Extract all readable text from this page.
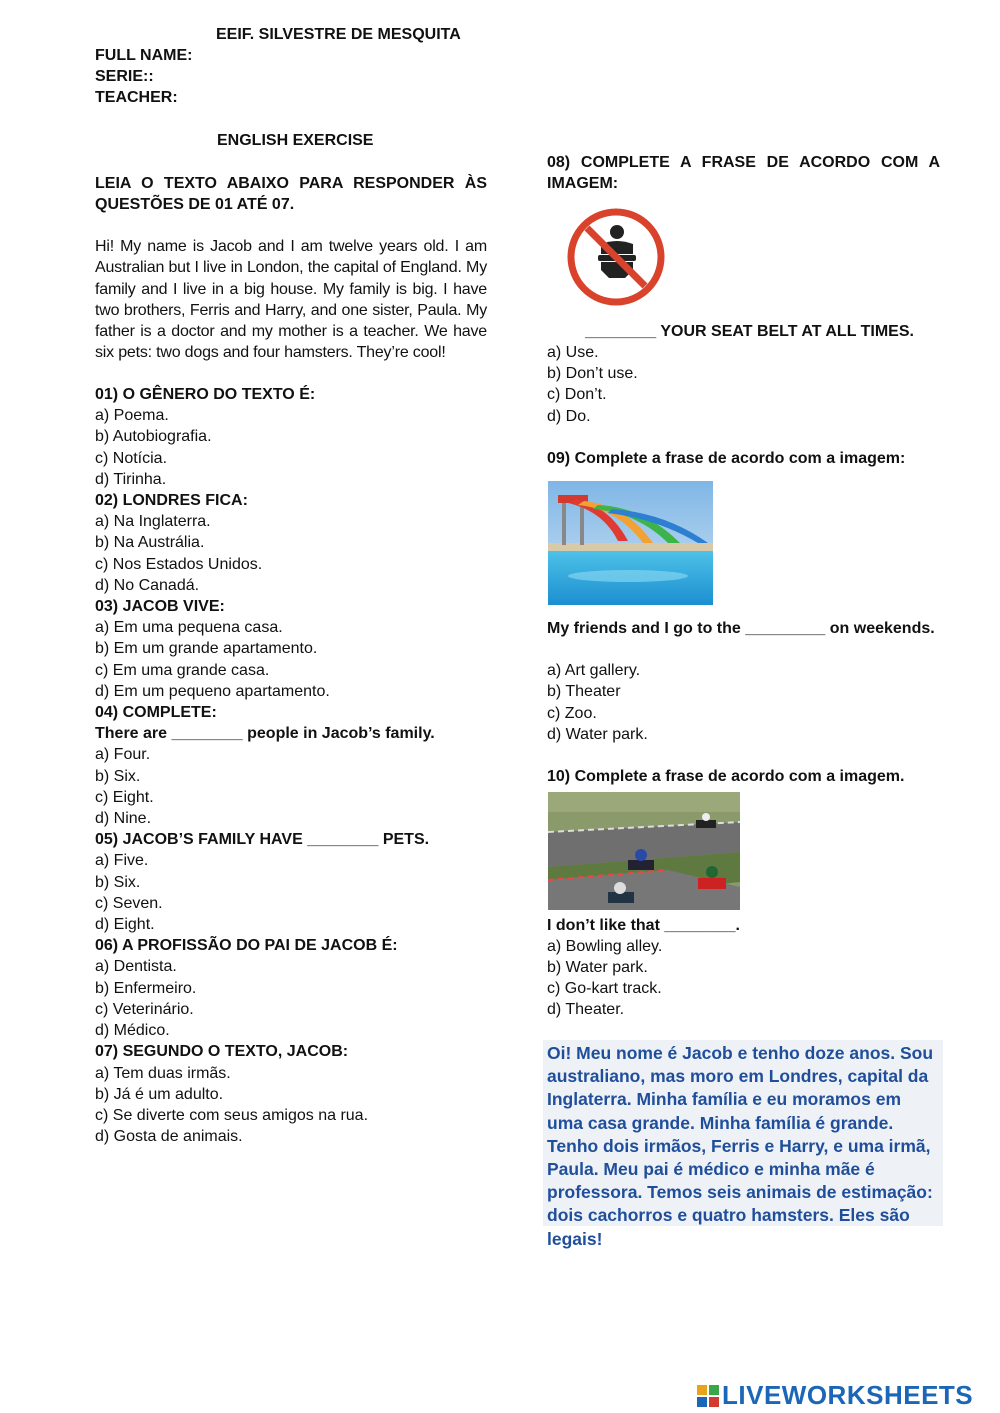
EEIF. SILVESTRE DE MESQUITA
FULL NAME:
SERIE::
TEACHER:
ENGLISH EXERCISE
LEIA O TEXTO ABAIXO PARA RESPONDER ÀS QUESTÕES DE 01 ATÉ 07.
Hi! My name is Jacob and I am twelve years old. I am Australian but I live in London, the capital of England. My family and I live in a big house. My family is big. I have two brothers, Ferris and Harry, and one sister, Paula. My father is a doctor and my mother is a teacher. We have six pets: two dogs and four hamsters. They’re cool!
01) O GÊNERO DO TEXTO É:
a) Poema.
b) Autobiografia.
c) Notícia.
d) Tirinha.
02) LONDRES FICA:
a) Na Inglaterra.
b) Na Austrália.
c) Nos Estados Unidos.
d) No Canadá.
03) JACOB VIVE:
a) Em uma pequena casa.
b) Em um grande apartamento.
c) Em uma grande casa.
d) Em um pequeno apartamento.
04) COMPLETE:
There are ________ people in Jacob’s family.
a) Four.
b) Six.
c) Eight.
d) Nine.
05) JACOB’S FAMILY HAVE ________ PETS.
a) Five.
b) Six.
c) Seven.
d) Eight.
06) A PROFISSÃO DO PAI DE JACOB É:
a) Dentista.
b) Enfermeiro.
c) Veterinário.
d) Médico.
07) SEGUNDO O TEXTO, JACOB:
a) Tem duas irmãs.
b) Já é um adulto.
c) Se diverte com seus amigos na rua.
d) Gosta de animais.
08) COMPLETE A FRASE DE ACORDO COM A IMAGEM:
________ YOUR SEAT BELT AT ALL TIMES.
a) Use.
b) Don’t use.
c) Don’t.
d) Do.
09) Complete a frase de acordo com a imagem:
My friends and I go to the _________ on weekends.
a) Art gallery.
b) Theater
c) Zoo.
d) Water park.
10) Complete a frase de acordo com a imagem.
I don’t like that ________.
a) Bowling alley.
b) Water park.
c) Go-kart track.
d) Theater.
Oi! Meu nome é Jacob e tenho doze anos. Sou australiano, mas moro em Londres, capital da Inglaterra. Minha família e eu moramos em uma casa grande. Minha família é grande. Tenho dois irmãos, Ferris e Harry, e uma irmã, Paula. Meu pai é médico e minha mãe é professora. Temos seis animais de estimação: dois cachorros e quatro hamsters. Eles são legais!
LIVEWORKSHEETS
